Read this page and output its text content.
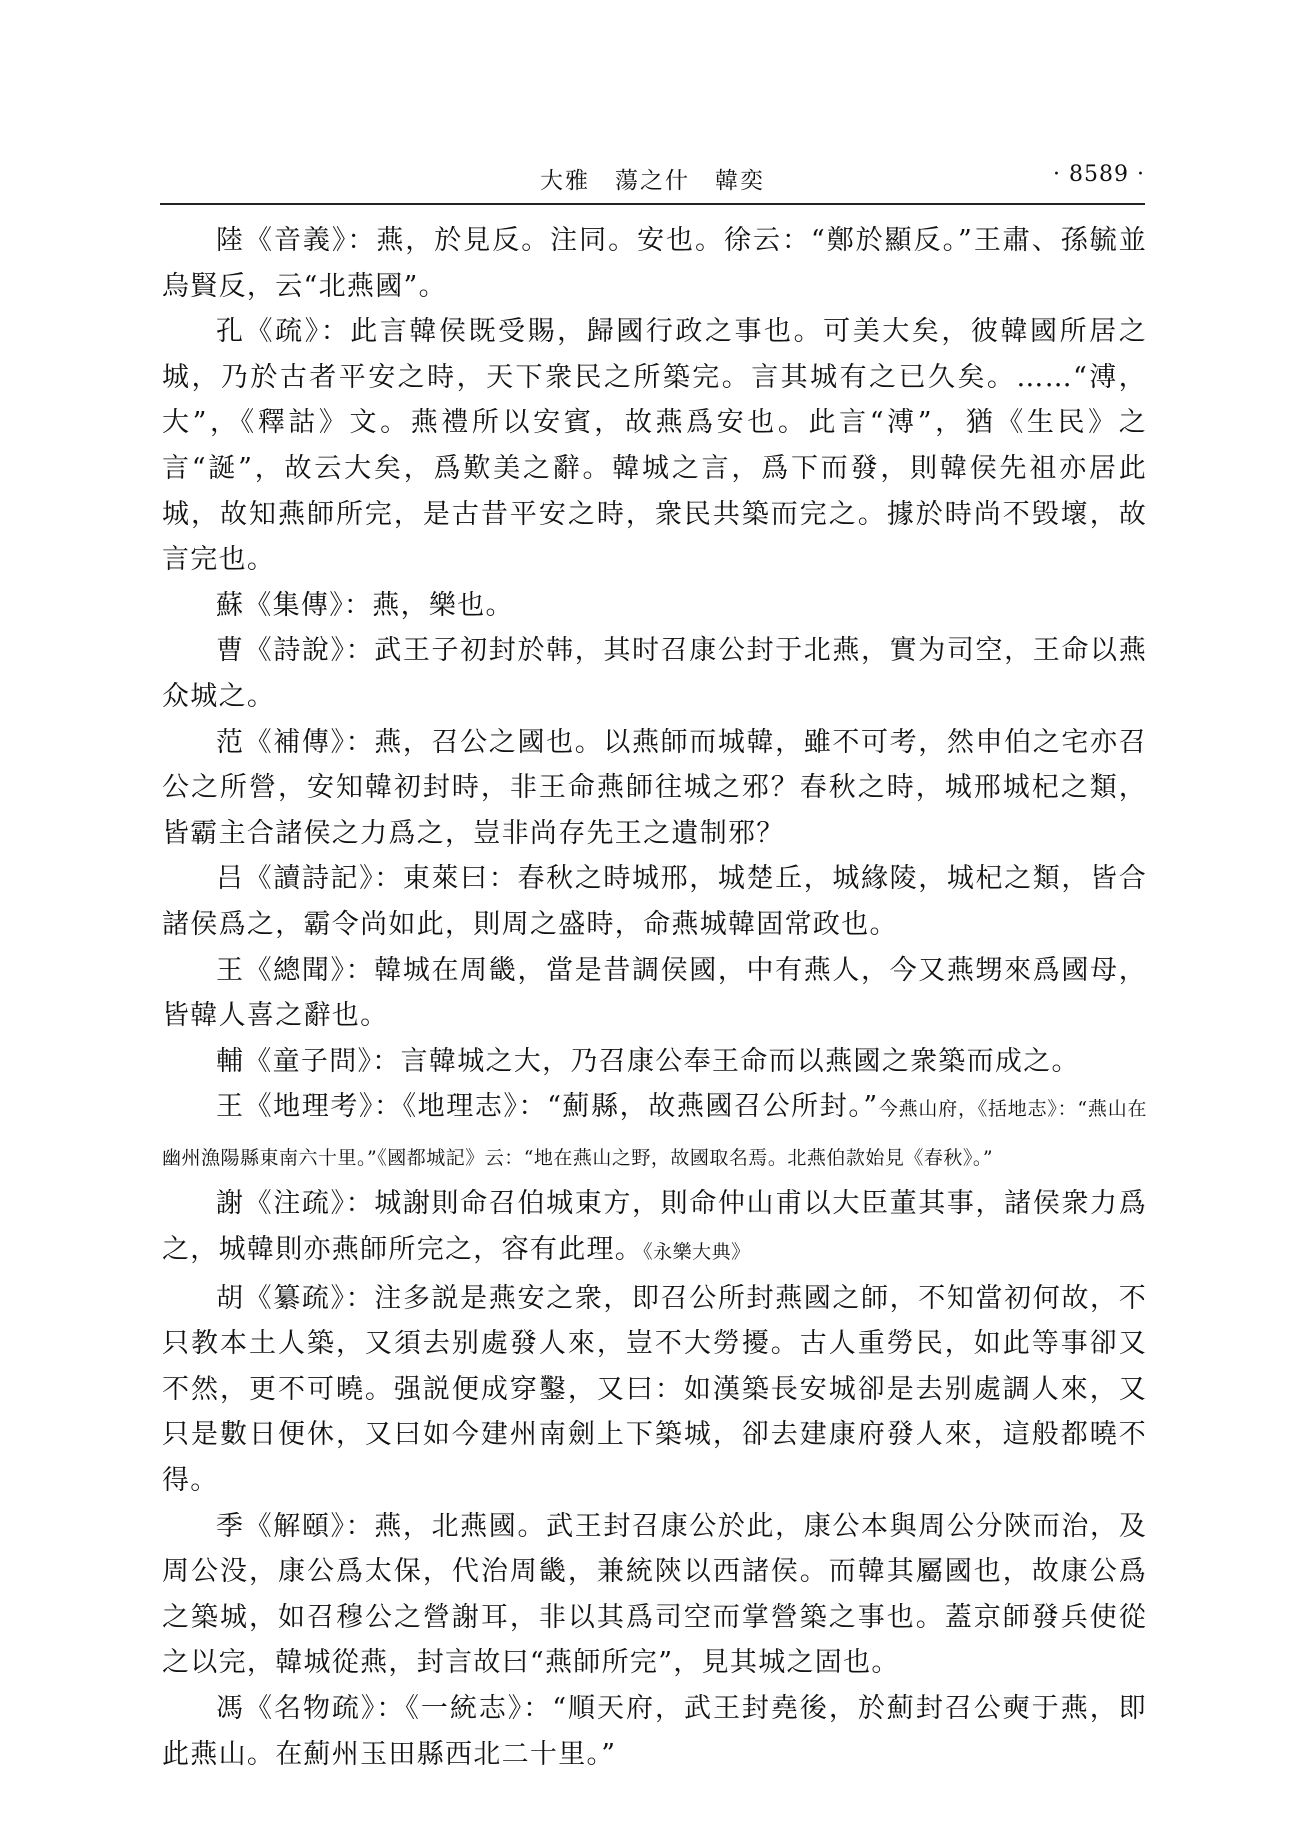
大雅　蕩之什　韓奕	· 8589 ·

陸《音義》：燕，於見反。注同。安也。徐云：“鄭於顯反。”王肅、孫毓並烏賢反，云“北燕國”。

孔《疏》：此言韓侯既受賜，歸國行政之事也。可美大矣，彼韓國所居之城，乃於古者平安之時，天下衆民之所築完。言其城有之已久矣。……“溥，大”，《釋詁》文。燕禮所以安賓，故燕爲安也。此言“溥”，猶《生民》之言“誕”，故云大矣，爲歎美之辭。韓城之言，爲下而發，則韓侯先祖亦居此城，故知燕師所完，是古昔平安之時，衆民共築而完之。據於時尚不毁壞，故言完也。

蘇《集傳》：燕，樂也。

曹《詩說》：武王子初封於韩，其时召康公封于北燕，實为司空，王命以燕众城之。

范《補傳》：燕，召公之國也。以燕師而城韓，雖不可考，然申伯之宅亦召公之所營，安知韓初封時，非王命燕師往城之邪？春秋之時，城邢城杞之類，皆霸主合諸侯之力爲之，豈非尚存先王之遺制邪？

吕《讀詩記》：東萊曰：春秋之時城邢，城楚丘，城緣陵，城杞之類，皆合諸侯爲之，霸令尚如此，則周之盛時，命燕城韓固常政也。

王《總聞》：韓城在周畿，當是昔調侯國，中有燕人，今又燕甥來爲國母，皆韓人喜之辭也。

輔《童子問》：言韓城之大，乃召康公奉王命而以燕國之衆築而成之。

王《地理考》：《地理志》：“薊縣，故燕國召公所封。”今燕山府，《括地志》：“燕山在幽州漁陽縣東南六十里。”《國都城記》云：“地在燕山之野，故國取名焉。北燕伯款始見《春秋》。”

謝《注疏》：城謝則命召伯城東方，則命仲山甫以大臣董其事，諸侯衆力爲之，城韓則亦燕師所完之，容有此理。《永樂大典》

胡《纂疏》：注多説是燕安之衆，即召公所封燕國之師，不知當初何故，不只教本土人築，又須去别處發人來，豈不大勞擾。古人重勞民，如此等事卻又不然，更不可曉。强説便成穿鑿，又曰：如漢築長安城卻是去别處調人來，又只是數日便休，又曰如今建州南劍上下築城，卻去建康府發人來，這般都曉不得。

季《解頤》：燕，北燕國。武王封召康公於此，康公本與周公分陝而治，及周公没，康公爲太保，代治周畿，兼統陝以西諸侯。而韓其屬國也，故康公爲之築城，如召穆公之營謝耳，非以其爲司空而掌營築之事也。蓋京師發兵使從之以完，韓城從燕，封言故曰“燕師所完”，見其城之固也。

馮《名物疏》：《一統志》：“順天府，武王封堯後，於薊封召公奭于燕，即此燕山。在薊州玉田縣西北二十里。”
